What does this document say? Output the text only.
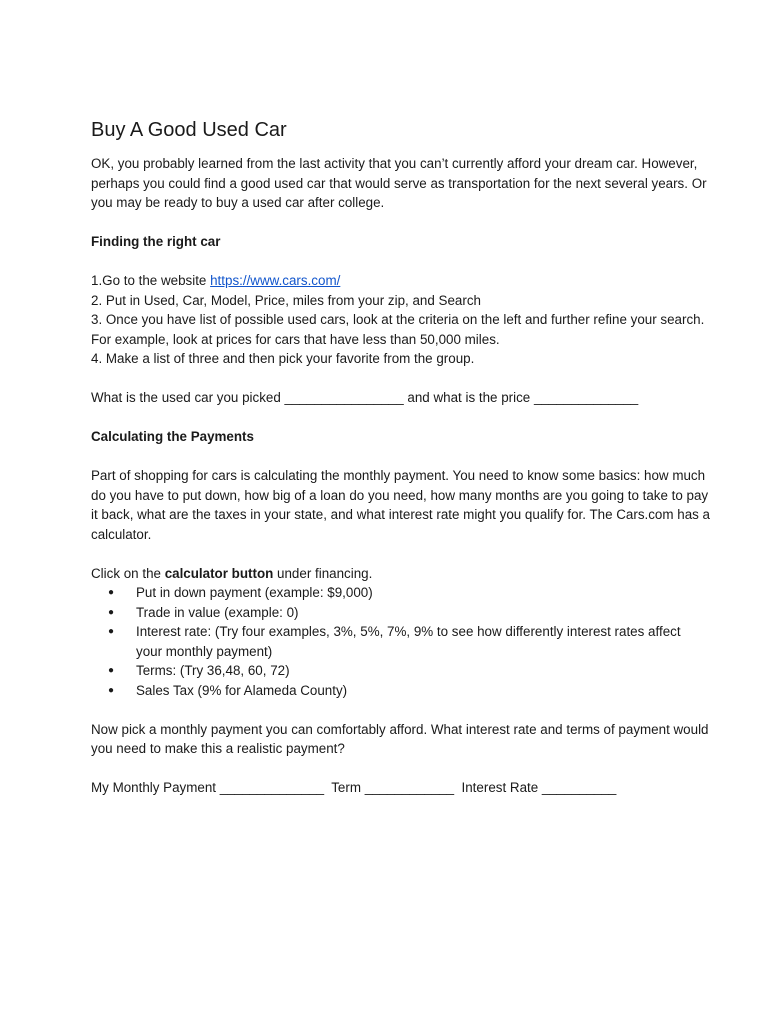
Buy A Good Used Car

OK, you probably learned from the last activity that you can’t currently afford your dream car. However, perhaps you could find a good used car that would serve as transportation for the next several years. Or you may be ready to buy a used car after college.

Finding the right car

1.Go to the website https://www.cars.com/
2. Put in Used, Car, Model, Price, miles from your zip, and Search
3. Once you have list of possible used cars, look at the criteria on the left and further refine your search. For example, look at prices for cars that have less than 50,000 miles.
4. Make a list of three and then pick your favorite from the group.

What is the used car you picked ________________ and what is the price ______________

Calculating the Payments

Part of shopping for cars is calculating the monthly payment. You need to know some basics: how much do you have to put down, how big of a loan do you need, how many months are you going to take to pay it back, what are the taxes in your state, and what interest rate might you qualify for. The Cars.com has a calculator.

Click on the calculator button under financing.

● Put in down payment (example: $9,000)
● Trade in value (example: 0)
● Interest rate: (Try four examples, 3%, 5%, 7%, 9% to see how differently interest rates affect your monthly payment)
● Terms: (Try 36,48, 60, 72)
● Sales Tax (9% for Alameda County)

Now pick a monthly payment you can comfortably afford. What interest rate and terms of payment would you need to make this a realistic payment?

My Monthly Payment ______________  Term ____________  Interest Rate __________
